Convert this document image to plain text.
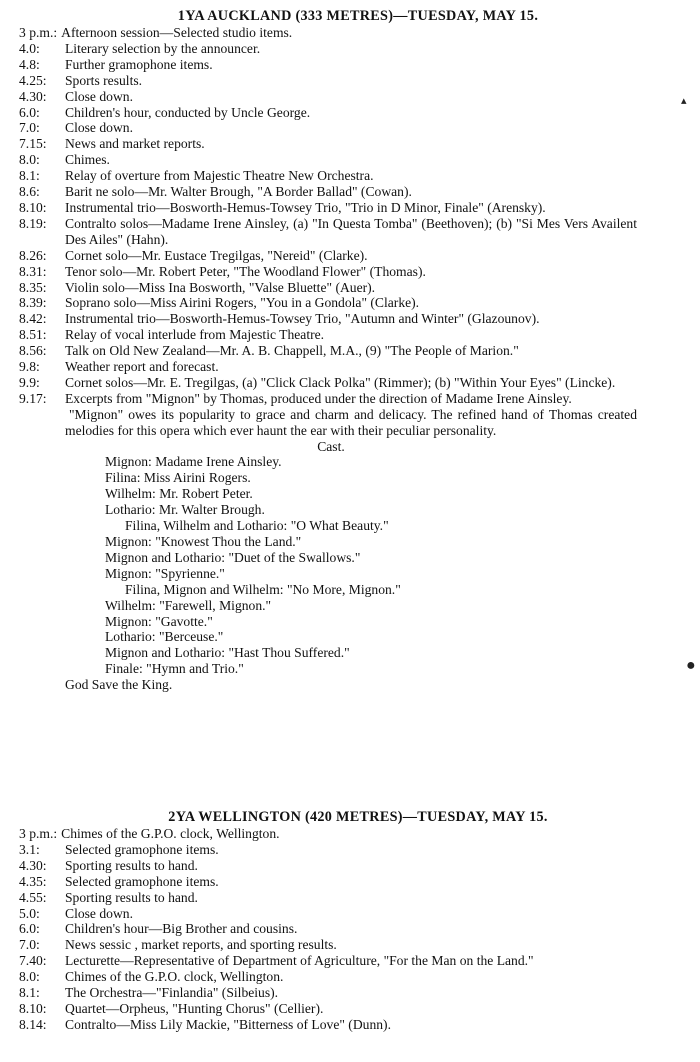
1YA AUCKLAND (333 METRES)—TUESDAY, MAY 15.
3 p.m.: Afternoon session—Selected studio items.
4.0:	Literary selection by the announcer.
4.8:	Further gramophone items.
4.25:	Sports results.
4.30:	Close down.
6.0:	Children's hour, conducted by Uncle George.
7.0:	Close down.
7.15:	News and market reports.
8.0:	Chimes.
8.1:	Relay of overture from Majestic Theatre New Orchestra.
8.6:	Barit ne solo—Mr. Walter Brough, "A Border Ballad" (Cowan).
8.10:	Instrumental trio—Bosworth-Hemus-Towsey Trio, "Trio in D Minor, Finale" (Arensky).
8.19:	Contralto solos—Madame Irene Ainsley, (a) "In Questa Tomba" (Beethoven); (b) "Si Mes Vers Availent Des Ailes" (Hahn).
8.26:	Cornet solo—Mr. Eustace Tregilgas, "Nereid" (Clarke).
8.31:	Tenor solo—Mr. Robert Peter, "The Woodland Flower" (Thomas).
8.35:	Violin solo—Miss Ina Bosworth, "Valse Bluette" (Auer).
8.39:	Soprano solo—Miss Airini Rogers, "You in a Gondola" (Clarke).
8.42:	Instrumental trio—Bosworth-Hemus-Towsey Trio, "Autumn and Winter" (Glazounov).
8.51:	Relay of vocal interlude from Majestic Theatre.
8.56:	Talk on Old New Zealand—Mr. A. B. Chappell, M.A., (9) "The People of Marion."
9.8:	Weather report and forecast.
9.9:	Cornet solos—Mr. E. Tregilgas, (a) "Click Clack Polka" (Rimmer); (b) "Within Your Eyes" (Lincke).
9.17:	Excerpts from "Mignon" by Thomas, produced under the direction of Madame Irene Ainsley.
"Mignon" owes its popularity to grace and charm and delicacy. The refined hand of Thomas created melodies for this opera which ever haunt the ear with their peculiar personality.
Cast.
Mignon: Madame Irene Ainsley.
Filina: Miss Airini Rogers.
Wilhelm: Mr. Robert Peter.
Lothario: Mr. Walter Brough.
Filina, Wilhelm and Lothario: "O What Beauty."
Mignon: "Knowest Thou the Land."
Mignon and Lothario: "Duet of the Swallows."
Mignon: "Spyrienne."
Filina, Mignon and Wilhelm: "No More, Mignon."
Wilhelm: "Farewell, Mignon."
Mignon: "Gavotte."
Lothario: "Berceuse."
Mignon and Lothario: "Hast Thou Suffered."
Finale: "Hymn and Trio."
God Save the King.
2YA WELLINGTON (420 METRES)—TUESDAY, MAY 15.
3 p.m.: Chimes of the G.P.O. clock, Wellington.
3.1:	Selected gramophone items.
4.30:	Sporting results to hand.
4.35:	Selected gramophone items.
4.55:	Sporting results to hand.
5.0:	Close down.
6.0:	Children's hour—Big Brother and cousins.
7.0:	News sessic , market reports, and sporting results.
7.40:	Lecturette—Representative of Department of Agriculture, "For the Man on the Land."
8.0:	Chimes of the G.P.O. clock, Wellington.
8.1:	The Orchestra—"Finlandia" (Silbeius).
8.10:	Quartet—Orpheus, "Hunting Chorus" (Cellier).
8.14:	Contralto—Miss Lily Mackie, "Bitterness of Love" (Dunn).
▴
●
